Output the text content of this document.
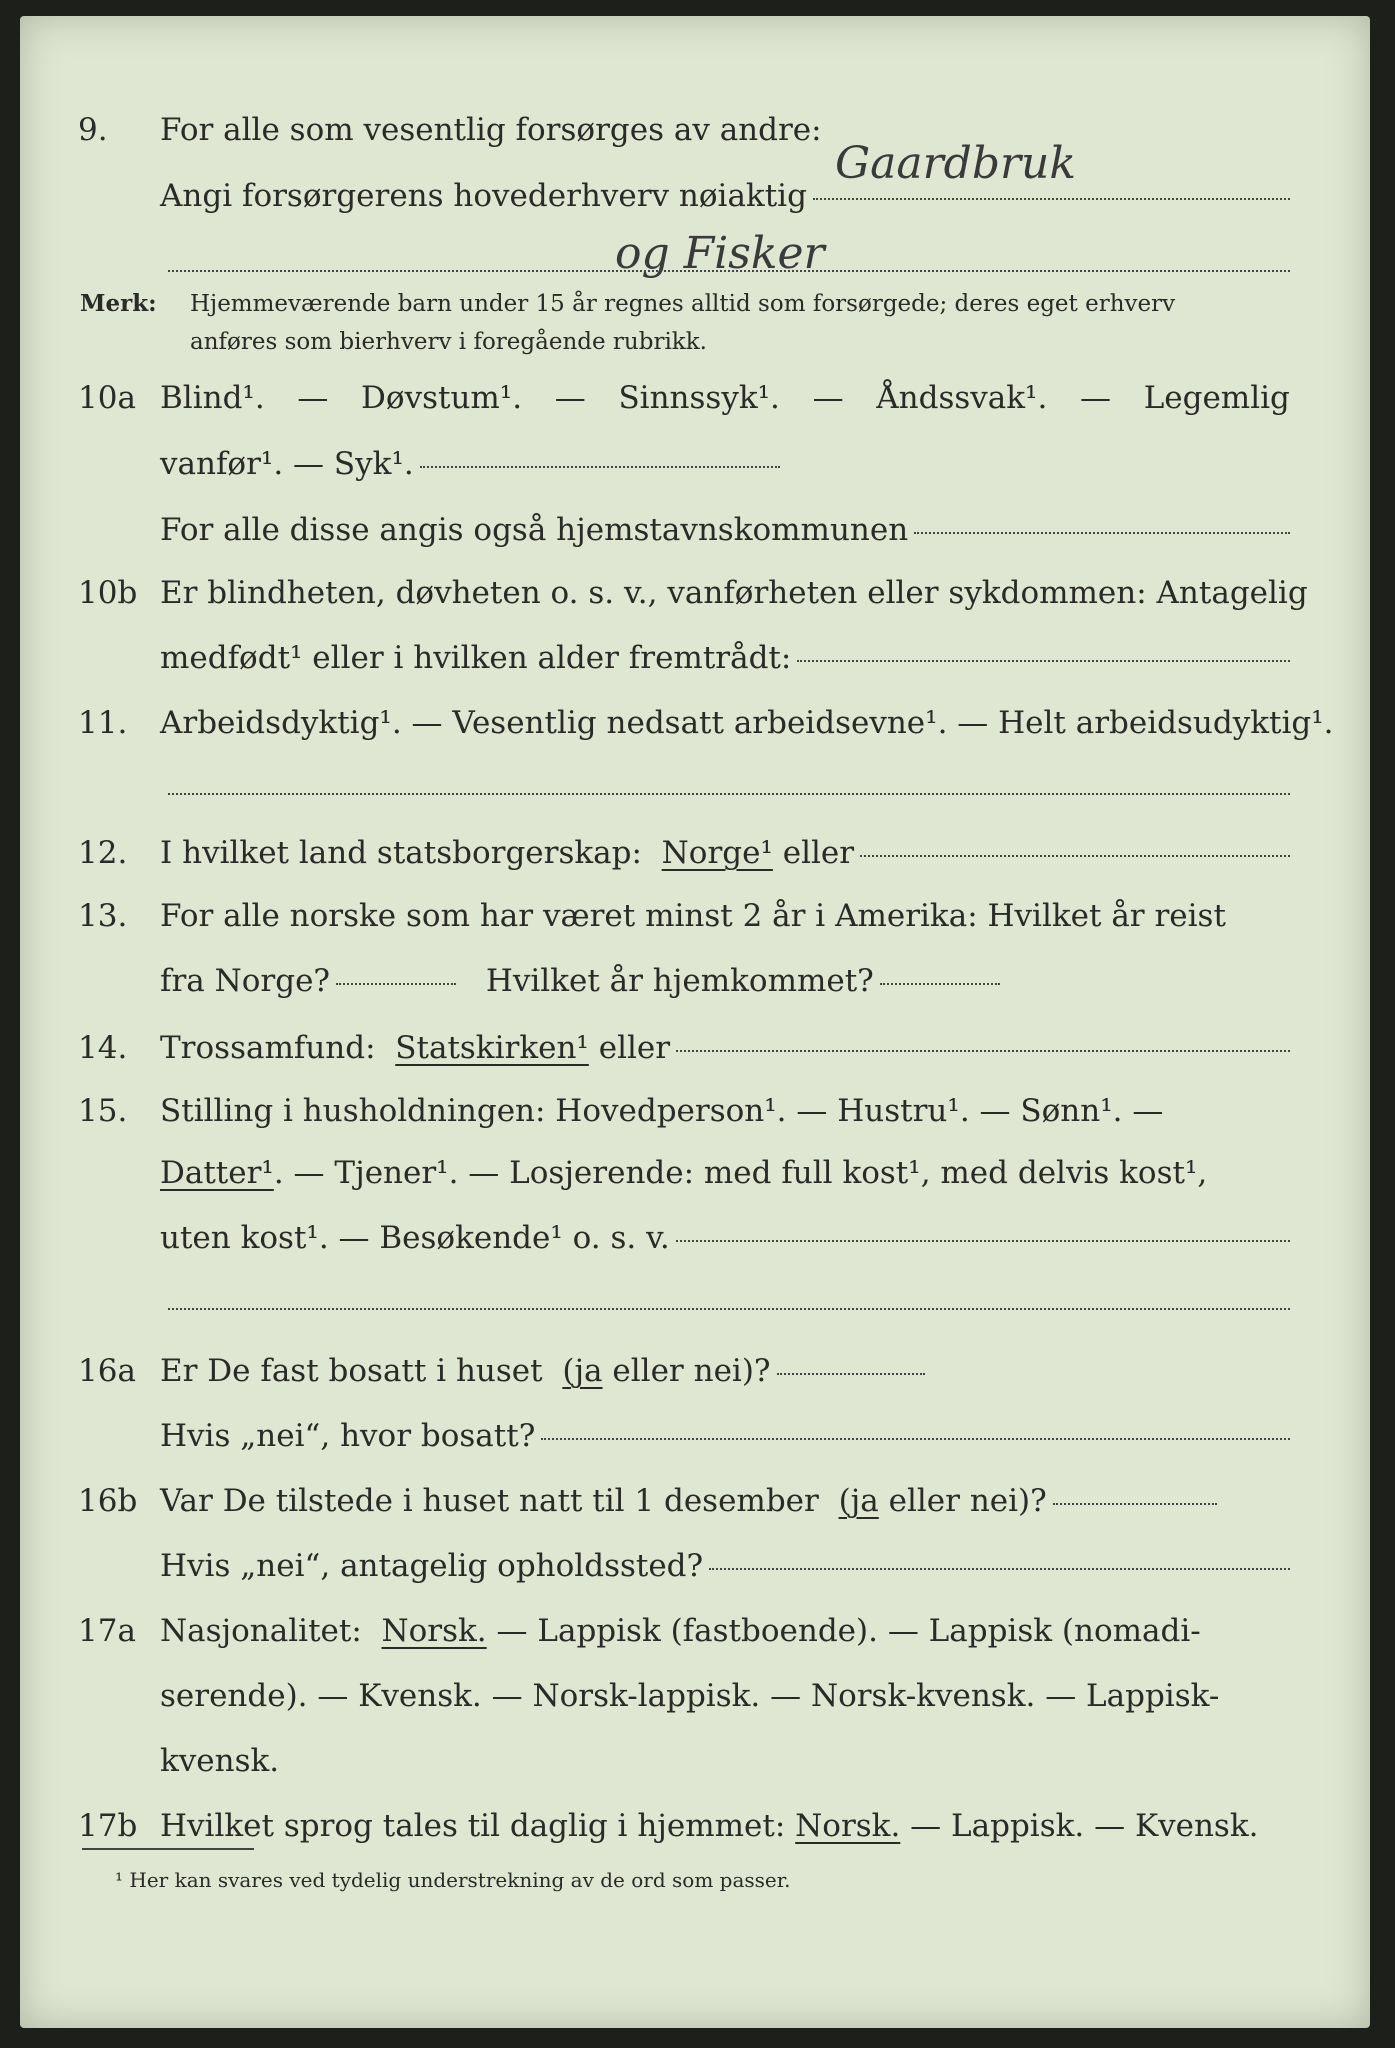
9.	For alle som vesentlig forsørges av andre:
Angi forsørgerens hovederhverv nøiaktig
Gaardbruk
og Fisker
Merk: Hjemmeværende barn under 15 år regnes alltid som forsørgede; deres eget erhverv
anføres som bierhverv i foregående rubrikk.
10a Blind¹. — Døvstum¹. — Sinnssyk¹. — Åndssvak¹. — Legemlig
vanfør¹. — Syk¹.
For alle disse angis også hjemstavnskommunen
10b Er blindheten, døvheten o. s. v., vanførheten eller sykdommen: Antagelig
medfødt¹ eller i hvilken alder fremtrådt:
11.	Arbeidsdyktig¹. — Vesentlig nedsatt arbeidsevne¹. — Helt arbeidsudyktig¹.
12.	I hvilket land statsborgerskap:
Norge¹
eller
13.	For alle norske som har været minst 2 år i Amerika: Hvilket år reist
fra Norge?
	Hvilket år hjemkommet?
14.	Trossamfund:
Statskirken¹
eller
15.	Stilling i husholdningen: Hovedperson¹. — Hustru¹. — Sønn¹. —
Datter¹ . — Tjener¹. — Losjerende: med full kost¹, med delvis kost¹,
uten kost¹. — Besøkende¹ o. s. v.
16a Er De fast bosatt i huset
(ja
eller nei)?
Hvis „nei“, hvor bosatt?
16b Var De tilstede i huset natt til 1 desember
(ja
eller nei)?
Hvis „nei“, antagelig opholdssted?
17a Nasjonalitet:
Norsk.
— Lappisk (fastboende). — Lappisk (nomadi-
serende). — Kvensk. — Norsk-lappisk. — Norsk-kvensk. — Lappisk-
kvensk.
17b Hvilket sprog tales til daglig i hjemmet:
Norsk.
— Lappisk. — Kvensk.
¹ Her kan svares ved tydelig understrekning av de ord som passer.
